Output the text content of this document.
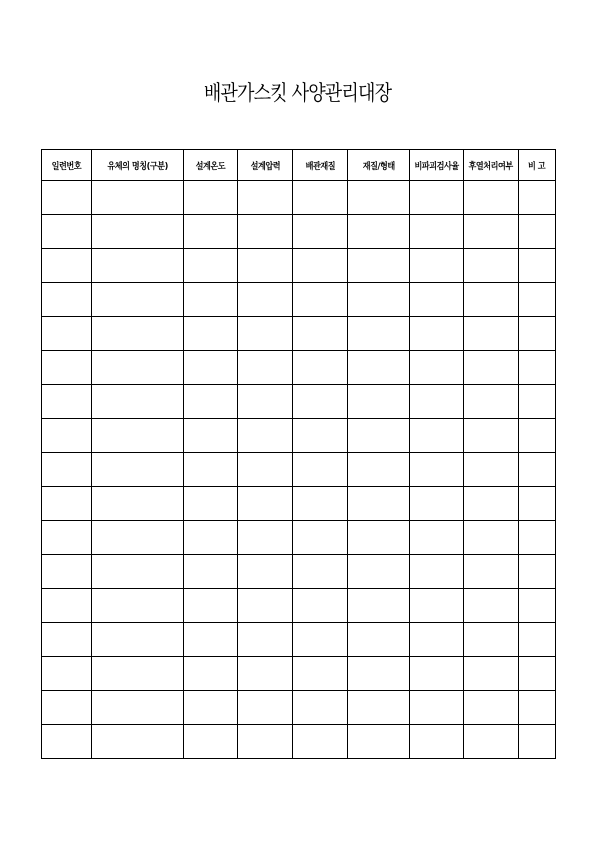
배관가스킷 사양관리대장
일련번호	유체의 명칭(구분)	설계온도	설계압력	배관재질	재질/형태	비파괴검사율	후열처리여부	비 고
